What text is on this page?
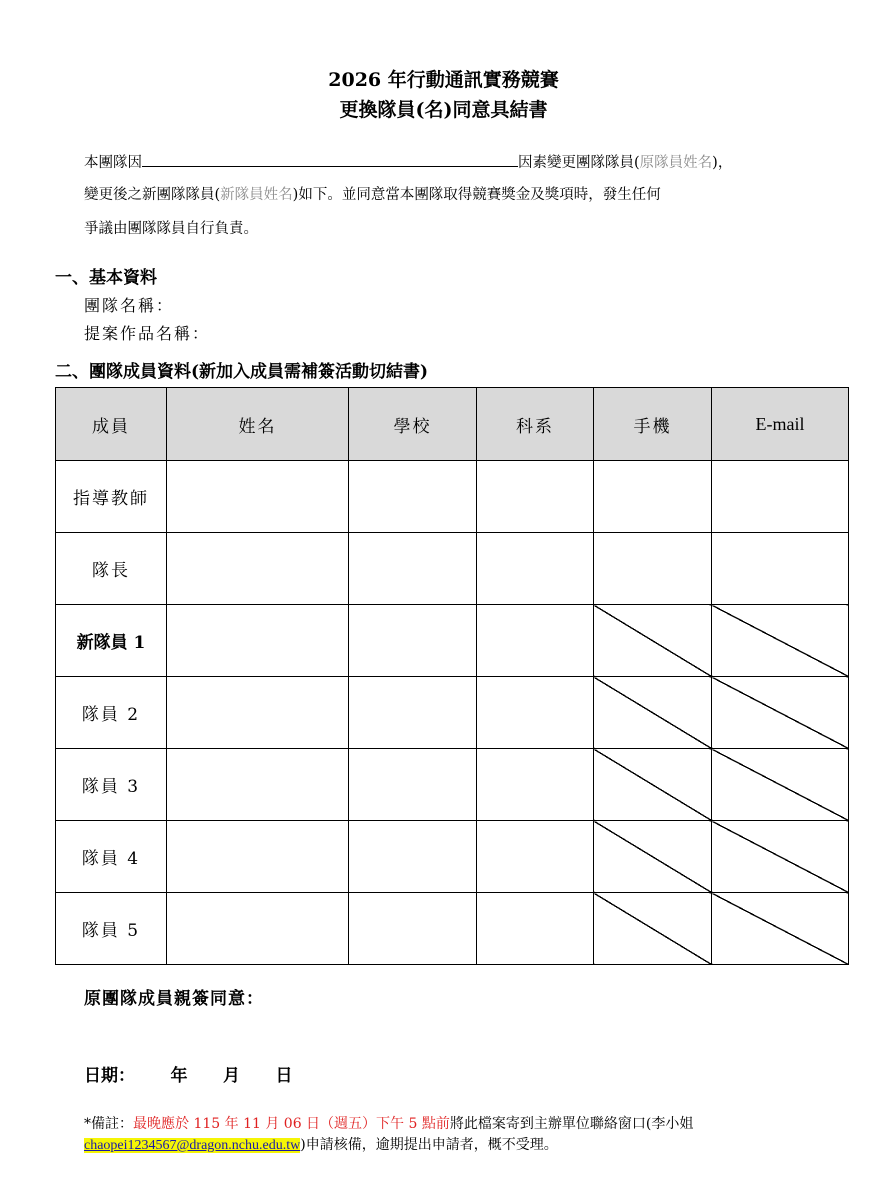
2026 年行動通訊實務競賽
更換隊員(名)同意具結書
本團隊因	因素變更團隊隊員(原隊員姓名)，
變更後之新團隊隊員(新隊員姓名)如下。並同意當本團隊取得競賽獎金及獎項時，發生任何
爭議由團隊隊員自行負責。
一、基本資料
團隊名稱：
提案作品名稱：
二、團隊成員資料(新加入成員需補簽活動切結書)
成員	姓名	學校	科系	手機	E-mail
指導教師					
隊長					
新隊員 1					
隊員 2					
隊員 3					
隊員 4					
隊員 5					
原團隊成員親簽同意：
日期： 年 月 日
*備註：最晚應於 115 年 11 月 06 日（週五）下午 5 點前將此檔案寄到主辦單位聯絡窗口(李小姐
chaopei1234567@dragon.nchu.edu.tw)申請核備，逾期提出申請者，概不受理。
